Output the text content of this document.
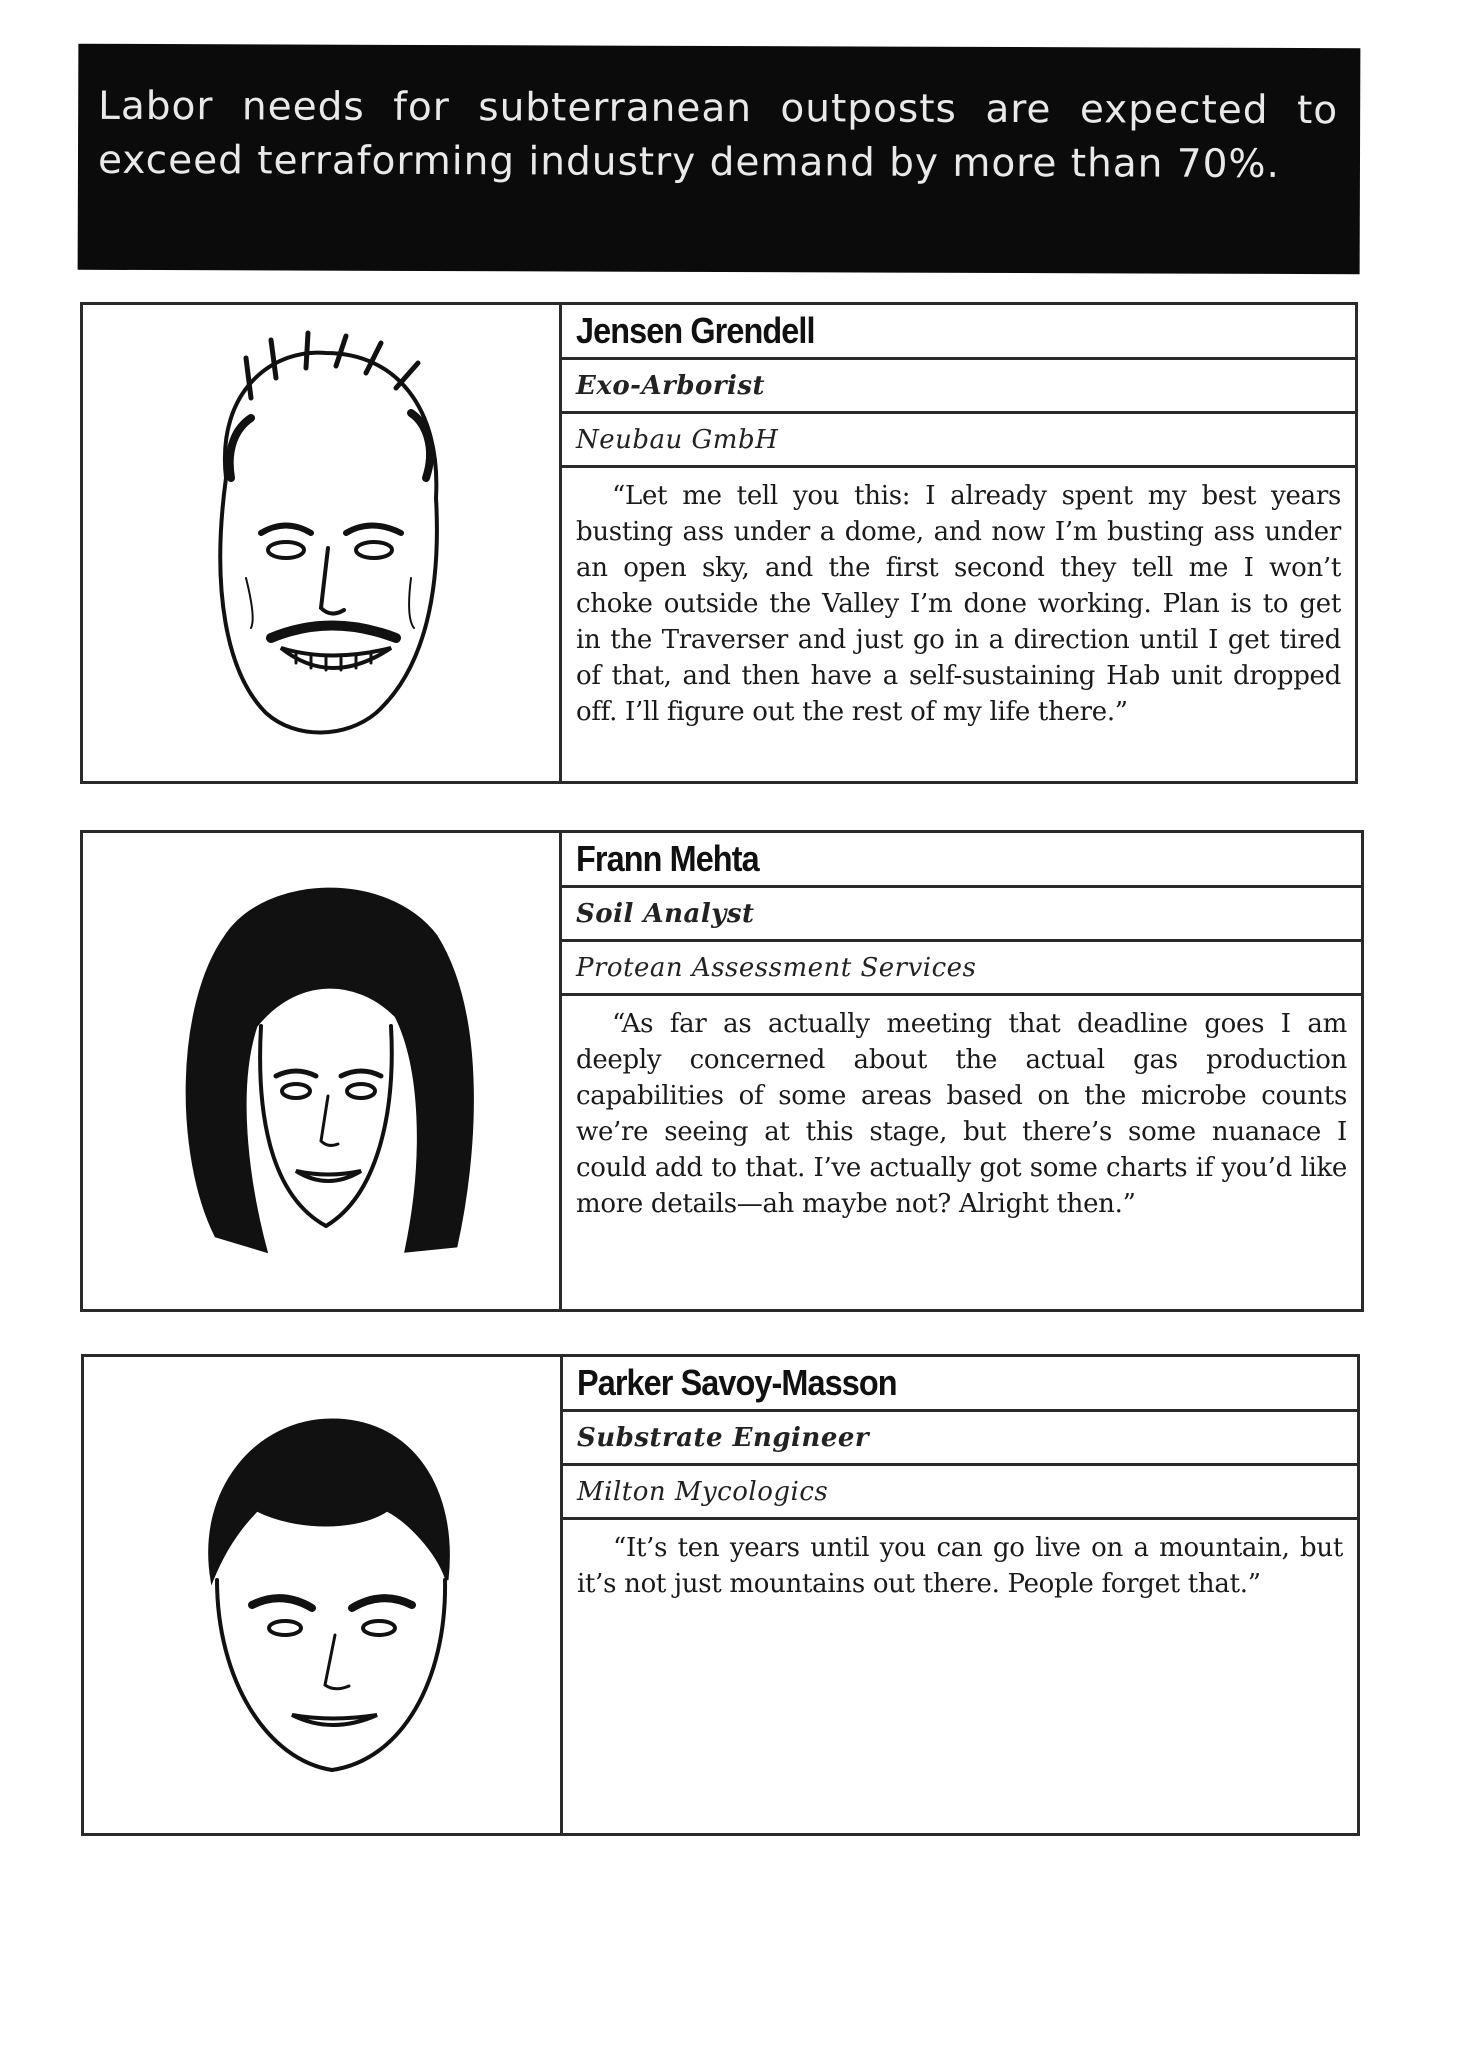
Labor needs for subterranean outposts are expected to exceed terraforming industry demand by more than 70%.

Jensen Grendell
Exo-Arborist
Neubau GmbH
“Let me tell you this: I already spent my best years busting ass under a dome, and now I’m busting ass under an open sky, and the first second they tell me I won’t choke outside the Valley I’m done working. Plan is to get in the Traverser and just go in a direction until I get tired of that, and then have a self-sustaining Hab unit dropped off. I’ll figure out the rest of my life there.”
Frann Mehta
Soil Analyst
Protean Assessment Services
“As far as actually meeting that deadline goes I am deeply concerned about the actual gas production capabilities of some areas based on the microbe counts we’re seeing at this stage, but there’s some nuanace I could add to that. I’ve actually got some charts if you’d like more details—ah maybe not? Alright then.”
Parker Savoy-Masson
Substrate Engineer
Milton Mycologics
“It’s ten years until you can go live on a mountain, but it’s not just mountains out there. People forget that.”
